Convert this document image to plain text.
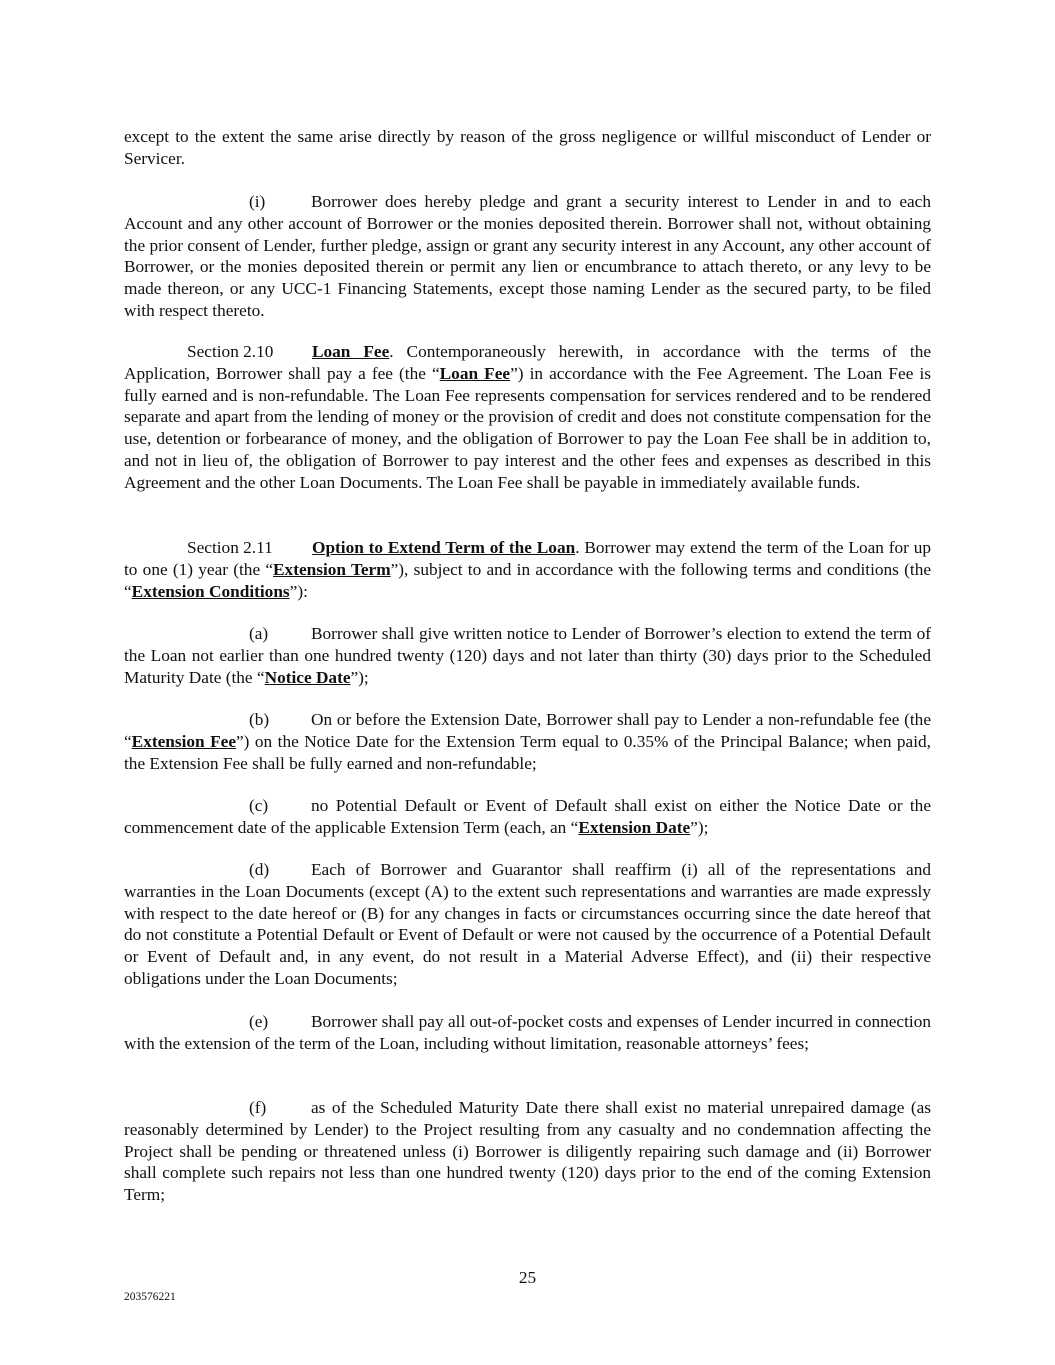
except to the extent the same arise directly by reason of the gross negligence or willful misconduct of Lender or Servicer.

(i)	Borrower does hereby pledge and grant a security interest to Lender in and to each Account and any other account of Borrower or the monies deposited therein. Borrower shall not, without obtaining the prior consent of Lender, further pledge, assign or grant any security interest in any Account, any other account of Borrower, or the monies deposited therein or permit any lien or encumbrance to attach thereto, or any levy to be made thereon, or any UCC-1 Financing Statements, except those naming Lender as the secured party, to be filed with respect thereto.

Section 2.10 Loan Fee. Contemporaneously herewith, in accordance with the terms of the Application, Borrower shall pay a fee (the “Loan Fee”) in accordance with the Fee Agreement. The Loan Fee is fully earned and is non-refundable. The Loan Fee represents compensation for services rendered and to be rendered separate and apart from the lending of money or the provision of credit and does not constitute compensation for the use, detention or forbearance of money, and the obligation of Borrower to pay the Loan Fee shall be in addition to, and not in lieu of, the obligation of Borrower to pay interest and the other fees and expenses as described in this Agreement and the other Loan Documents. The Loan Fee shall be payable in immediately available funds.

Section 2.11 Option to Extend Term of the Loan. Borrower may extend the term of the Loan for up to one (1) year (the “Extension Term”), subject to and in accordance with the following terms and conditions (the “Extension Conditions”):

(a) Borrower shall give written notice to Lender of Borrower’s election to extend the term of the Loan not earlier than one hundred twenty (120) days and not later than thirty (30) days prior to the Scheduled Maturity Date (the “Notice Date”);

(b) On or before the Extension Date, Borrower shall pay to Lender a non-refundable fee (the “Extension Fee”) on the Notice Date for the Extension Term equal to 0.35% of the Principal Balance; when paid, the Extension Fee shall be fully earned and non-refundable;

(c) no Potential Default or Event of Default shall exist on either the Notice Date or the commencement date of the applicable Extension Term (each, an “Extension Date”);

(d) Each of Borrower and Guarantor shall reaffirm (i) all of the representations and warranties in the Loan Documents (except (A) to the extent such representations and warranties are made expressly with respect to the date hereof or (B) for any changes in facts or circumstances occurring since the date hereof that do not constitute a Potential Default or Event of Default or were not caused by the occurrence of a Potential Default or Event of Default and, in any event, do not result in a Material Adverse Effect), and (ii) their respective obligations under the Loan Documents;

(e) Borrower shall pay all out-of-pocket costs and expenses of Lender incurred in connection with the extension of the term of the Loan, including without limitation, reasonable attorneys’ fees;

(f)	as of the Scheduled Maturity Date there shall exist no material unrepaired damage (as reasonably determined by Lender) to the Project resulting from any casualty and no condemnation affecting the Project shall be pending or threatened unless (i) Borrower is diligently repairing such damage and (ii) Borrower shall complete such repairs not less than one hundred twenty (120) days prior to the end of the coming Extension Term;

25
203576221
